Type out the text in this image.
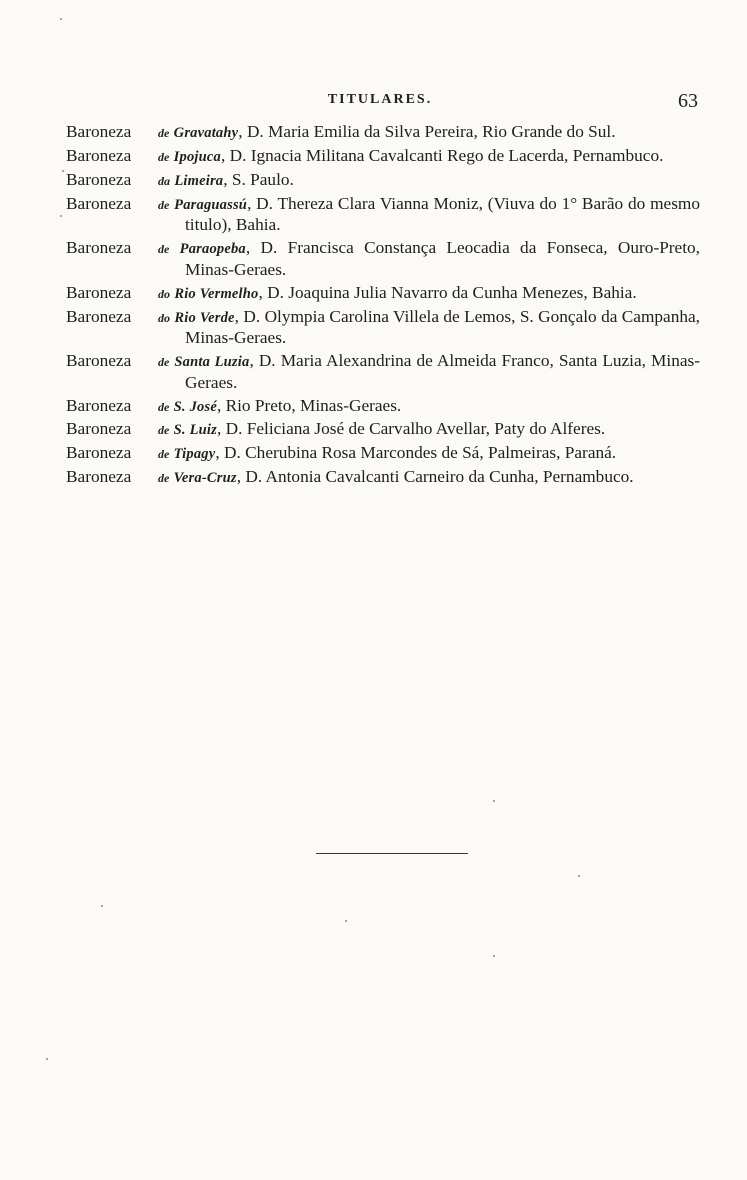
TITULARES.	63
Baroneza de Gravatahy, D. Maria Emilia da Silva Pereira, Rio Grande do Sul.
Baroneza de Ipojuca, D. Ignacia Militana Cavalcanti Rego de Lacerda, Pernambuco.
Baroneza da Limeira, S. Paulo.
Baroneza de Paraguassú, D. Thereza Clara Vianna Moniz, (Viuva do 1° Barão do mesmo titulo), Bahia.
Baroneza de Paraopeba, D. Francisca Constança Leocadia da Fonseca, Ouro-Preto, Minas-Geraes.
Baroneza do Rio Vermelho, D. Joaquina Julia Navarro da Cunha Menezes, Bahia.
Baroneza do Rio Verde, D. Olympia Carolina Villela de Lemos, S. Gonçalo da Campanha, Minas-Geraes.
Baroneza de Santa Luzia, D. Maria Alexandrina de Almeida Franco, Santa Luzia, Minas-Geraes.
Baroneza de S. José, Rio Preto, Minas-Geraes.
Baroneza de S. Luiz, D. Feliciana José de Carvalho Avellar, Paty do Alferes.
Baroneza de Tipagy, D. Cherubina Rosa Marcondes de Sá, Palmeiras, Paraná.
Baroneza de Vera-Cruz, D. Antonia Cavalcanti Carneiro da Cunha, Pernambuco.
